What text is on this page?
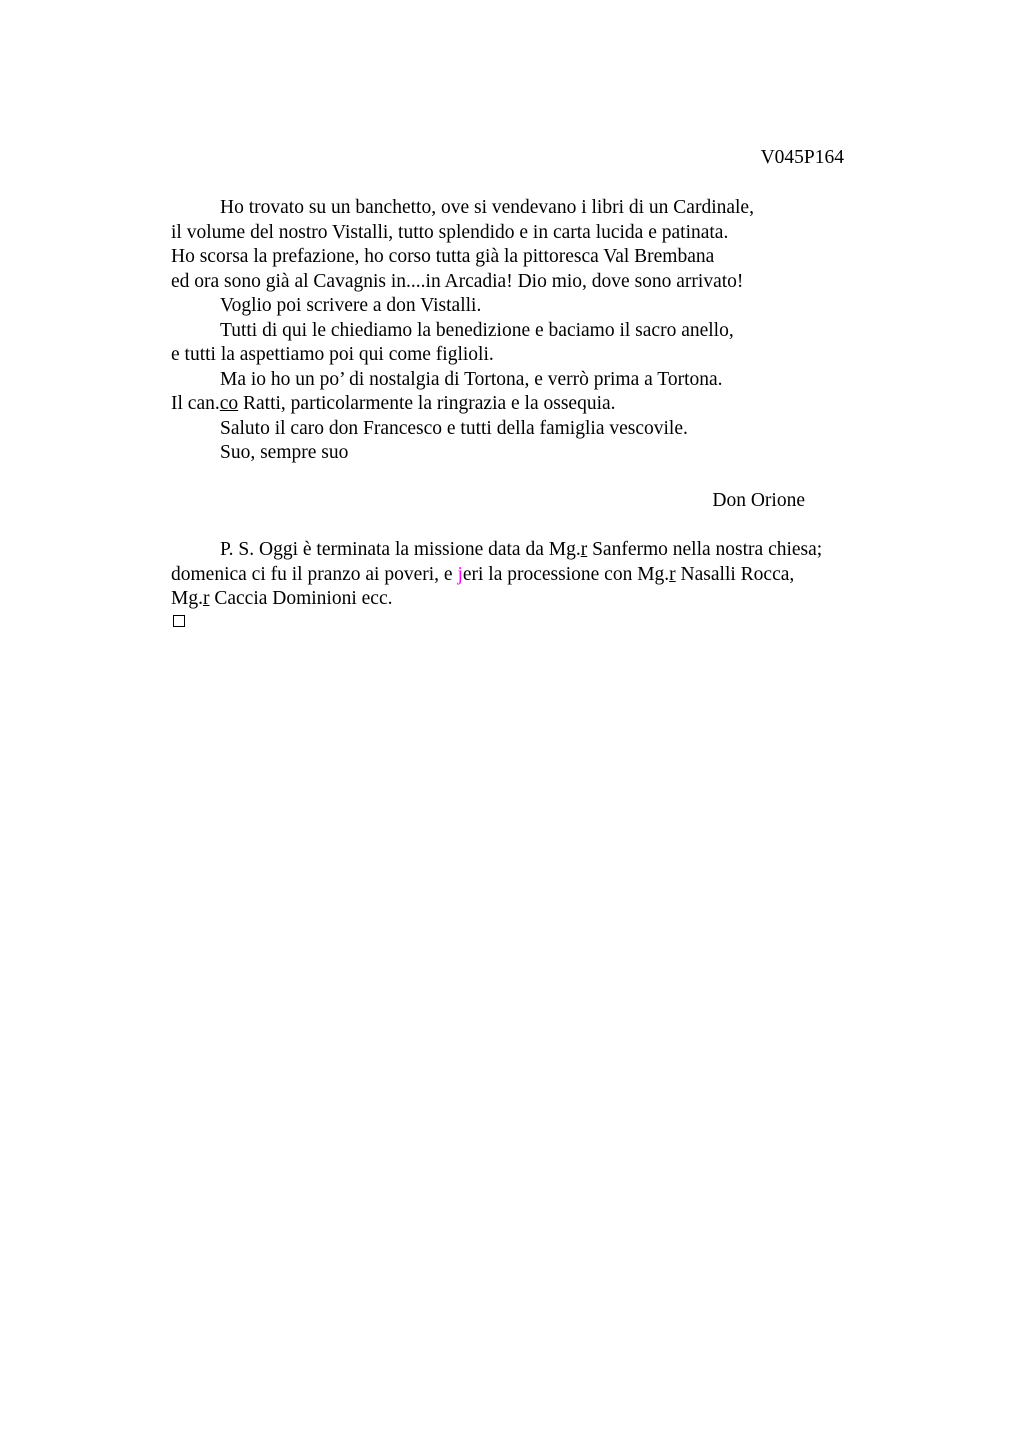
V045P164
Ho trovato su un banchetto, ove si vendevano i libri di un Cardinale,
il volume del nostro Vistalli, tutto splendido e in carta lucida e patinata.
Ho scorsa la prefazione, ho corso tutta già la pittoresca Val Brembana
ed ora sono già al Cavagnis in....in Arcadia! Dio mio, dove sono arrivato!
Voglio poi scrivere a don Vistalli.
Tutti di qui le chiediamo la benedizione e baciamo il sacro anello,
e tutti la aspettiamo poi qui come figlioli.
Ma io ho un po’ di nostalgia di Tortona, e verrò prima a Tortona.
Il can.co Ratti, particolarmente la ringrazia e la ossequia.
Saluto il caro don Francesco e tutti della famiglia vescovile.
Suo, sempre suo
Don Orione
P. S. Oggi è terminata la missione data da Mg.r Sanfermo nella nostra chiesa;
domenica ci fu il pranzo ai poveri, e jeri la processione con Mg.r Nasalli Rocca,
Mg.r Caccia Dominioni ecc.
